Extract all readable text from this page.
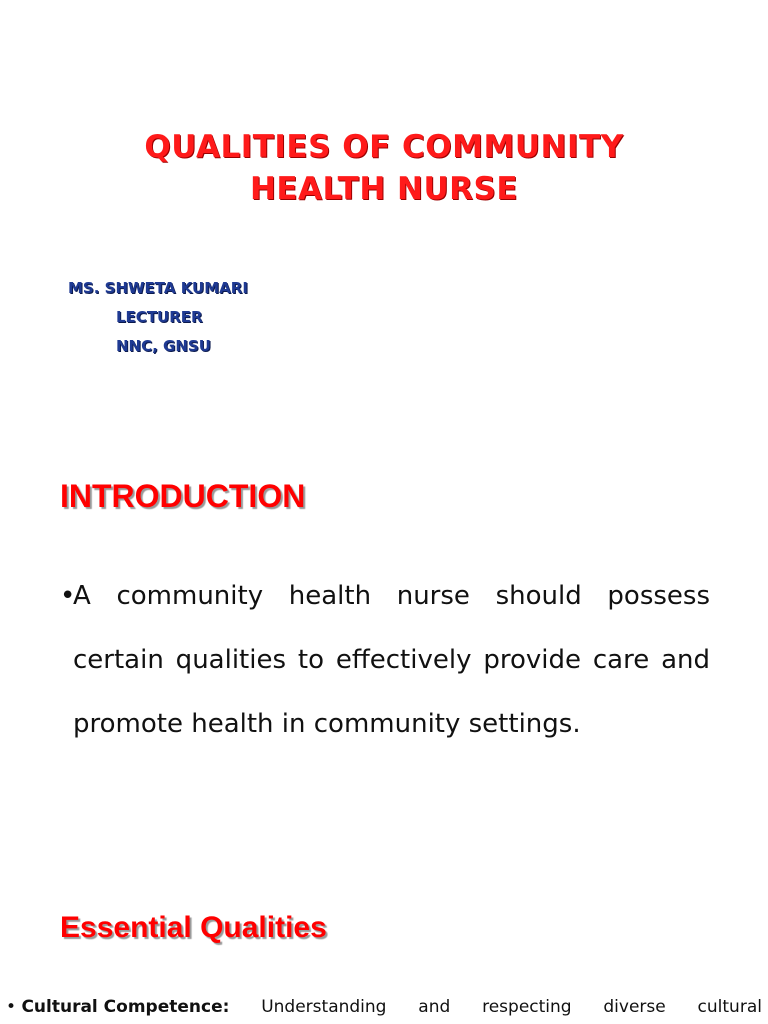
QUALITIES OF COMMUNITY
HEALTH NURSE
MS. SHWETA KUMARI
LECTURER
NNC, GNSU
INTRODUCTION
•
A community health nurse should possess certain qualities to effectively provide care and promote health in community settings.
Essential Qualities
• Cultural Competence: Understanding and respecting diverse cultural
